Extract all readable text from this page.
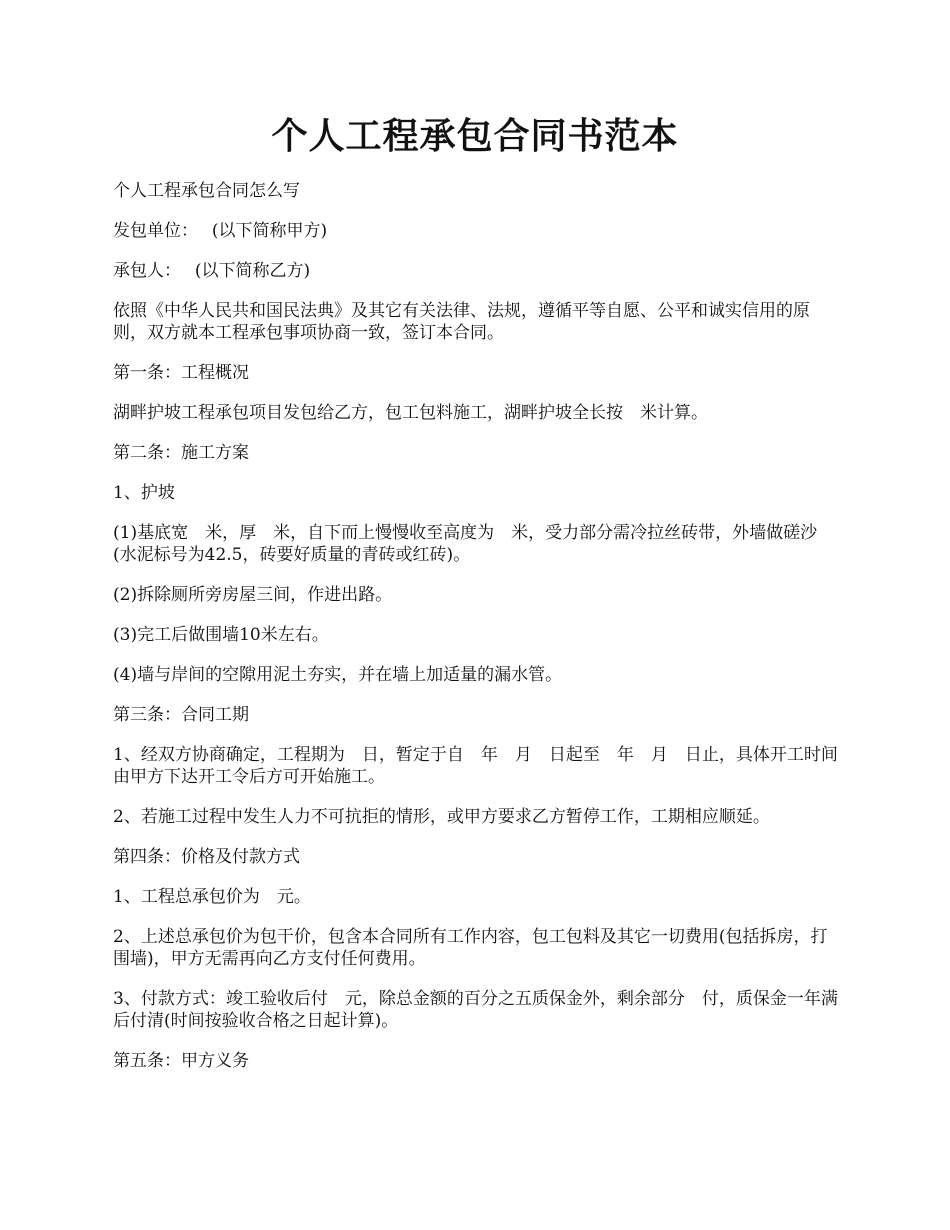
个人工程承包合同书范本

个人工程承包合同怎么写

发包单位：　 (以下简称甲方)

承包人：　 (以下简称乙方)

依照《中华人民共和国民法典》及其它有关法律、法规，遵循平等自愿、公平和诚实信用的原则，双方就本工程承包事项协商一致，签订本合同。

第一条：工程概况

湖畔护坡工程承包项目发包给乙方，包工包料施工，湖畔护坡全长按　米计算。

第二条：施工方案

1、护坡

(1)基底宽　米，厚　米，自下而上慢慢收至高度为　米，受力部分需冷拉丝砖带，外墙做磋沙(水泥标号为42.5，砖要好质量的青砖或红砖)。

(2)拆除厕所旁房屋三间，作进出路。

(3)完工后做围墙10米左右。

(4)墙与岸间的空隙用泥土夯实，并在墙上加适量的漏水管。

第三条：合同工期

1、经双方协商确定，工程期为　日，暂定于自　年　月　日起至　年　月　日止，具体开工时间由甲方下达开工令后方可开始施工。

2、若施工过程中发生人力不可抗拒的情形，或甲方要求乙方暂停工作，工期相应顺延。

第四条：价格及付款方式

1、工程总承包价为　元。

2、上述总承包价为包干价，包含本合同所有工作内容，包工包料及其它一切费用(包括拆房，打围墙)，甲方无需再向乙方支付任何费用。

3、付款方式：竣工验收后付　元，除总金额的百分之五质保金外，剩余部分　付，质保金一年满后付清(时间按验收合格之日起计算)。

第五条：甲方义务
